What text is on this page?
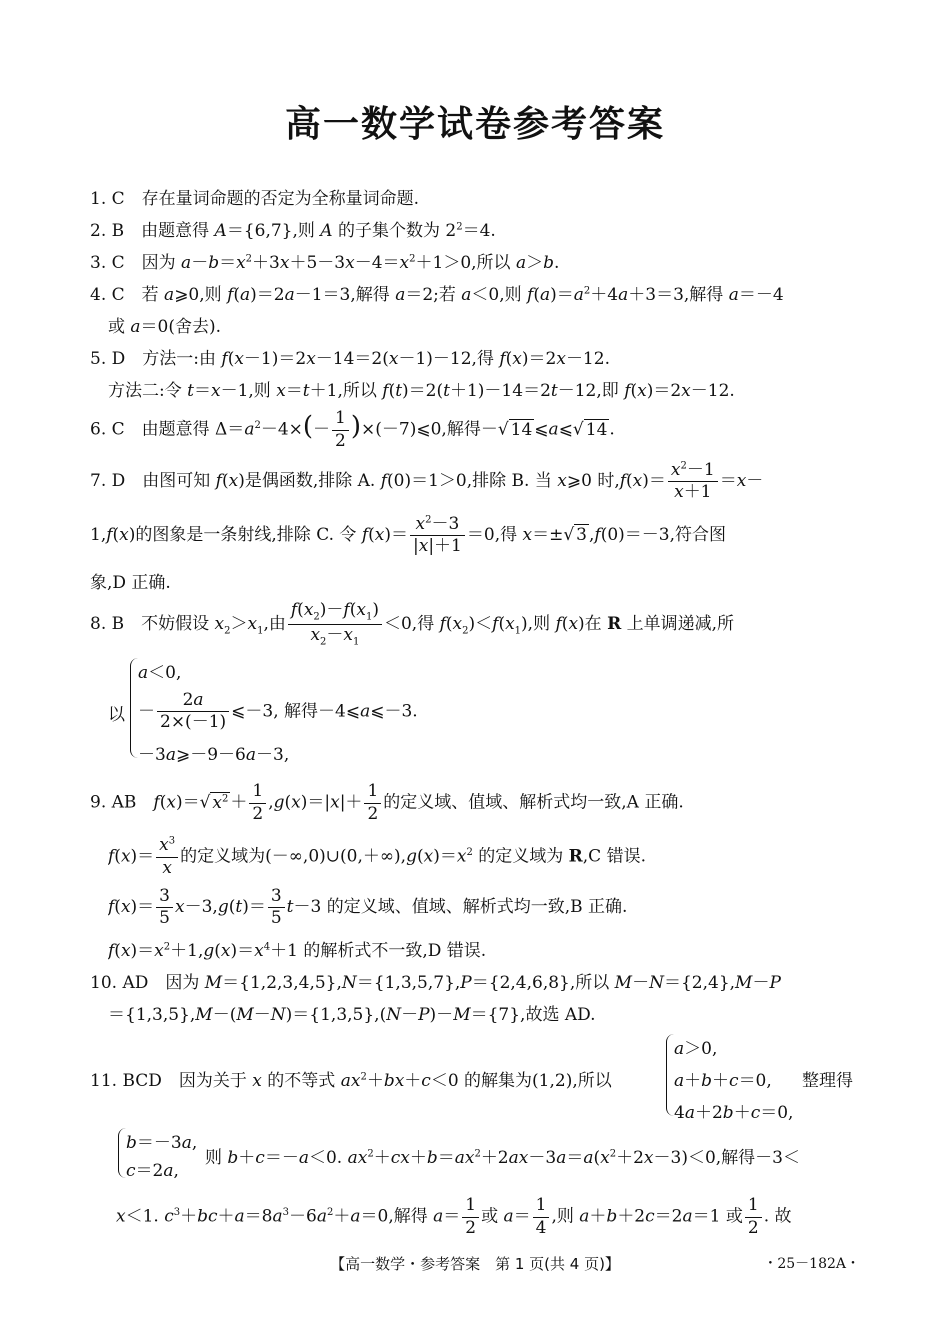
高一数学试卷参考答案
1. C　存在量词命题的否定为全称量词命题.
2. B　由题意得 A＝{6,7},则 A 的子集个数为 $2^2=4$.
3. C　因为 $a-b=x^2+3x+5-3x-4=x^2+1>0$,所以 a＞b.
4. C　若 a⩾0,则 f(a)＝2a－1＝3,解得 a＝2;若 a＜0,则 $f(a)=a^2+4a+3=3$,解得 a＝－4
或 a＝0(舍去).
5. D　方法一:由 f(x－1)＝2x－14＝2(x－1)－12,得 f(x)＝2x－12.
方法二:令 t＝x－1,则 x＝t＋1,所以 f(t)＝2(t＋1)－14＝2t－12,即 f(x)＝2x－12.
6. C　由题意得 $\Delta=a^2-4\times(- \frac{1}{2}$ )×(－7)⩽0,解得－√ 14 ⩽a⩽√ 14 .
7. D　由图可知 f(x)是偶函数,排除 A. f(0)＝1＞0,排除 B. 当 x⩾0 时$,f(x)= \frac{x^2-1}{x+1} =x-$
1,f(x)的图象是一条射线,排除 C. 令 $f(x)= \frac{x^2-3}{|x|+1} =0$,得 x＝±√ 3 ,f(0)＝－3,符合图
象,D 正确.
8. B　不妨假设 $x_2>x_1$,由 $\frac{f(x_2)-f(x_1)}{x_2-x_1} <0$,得 $f(x_2)<f(x_1)$,则 f(x)在 R 上单调递减,所
以
a＜0,
－ $\frac{2a}{2\times(-1)}$ ⩽－3, 解得－4⩽a⩽－3.
－3a⩾－9－6a－3,
9. AB　f(x)＝√ $x^2 + \frac{1}{2} ,g(x)=|x|+ \frac{1}{2}$ 的定义域、值域、解析式均一致,A 正确.
$f(x)= \frac{x^3}{x}$ 的定义域为$(-\infty,0)\cup(0,+\infty),g(x)=x^2$ 的定义域为 R,C 错误.
$f(x)= \frac{3}{5} x-3,g(t)= \frac{3}{5} t-3$ 的定义域、值域、解析式均一致,B 正确.
$f(x)=x^2+1,g(x)=x^4+1$ 的解析式不一致,D 错误.
10. AD　因为 M＝{1,2,3,4,5},N＝{1,3,5,7},P＝{2,4,6,8},所以 M－N＝{2,4},M－P
＝{1,3,5},M－(M－N)＝{1,3,5},(N－P)－M＝{7},故选 AD.
11. BCD　因为关于 x 的不等式 $ax^2+bx+c<0$ 的解集为(1,2),所以
a＞0,
a＋b＋c＝0,
4a＋2b＋c＝0,
整理得
b＝－3a,
c＝2a,
则 b＋c＝－a＜0. $ax^2+cx+b=ax^2+2ax-3a=a(x^2+2x-3)<0$,解得－3＜
x＜1. $c^3+bc+a=8a^3-6a^2+a=0$,解得 $a= \frac{1}{2}$ 或 $a= \frac{1}{4}$ ,则 a＋b＋2c＝2a＝1 或 $\frac{1}{2}$ . 故
【高一数学・参考答案　第 1 页(共 4 页)】	・25－182A・
